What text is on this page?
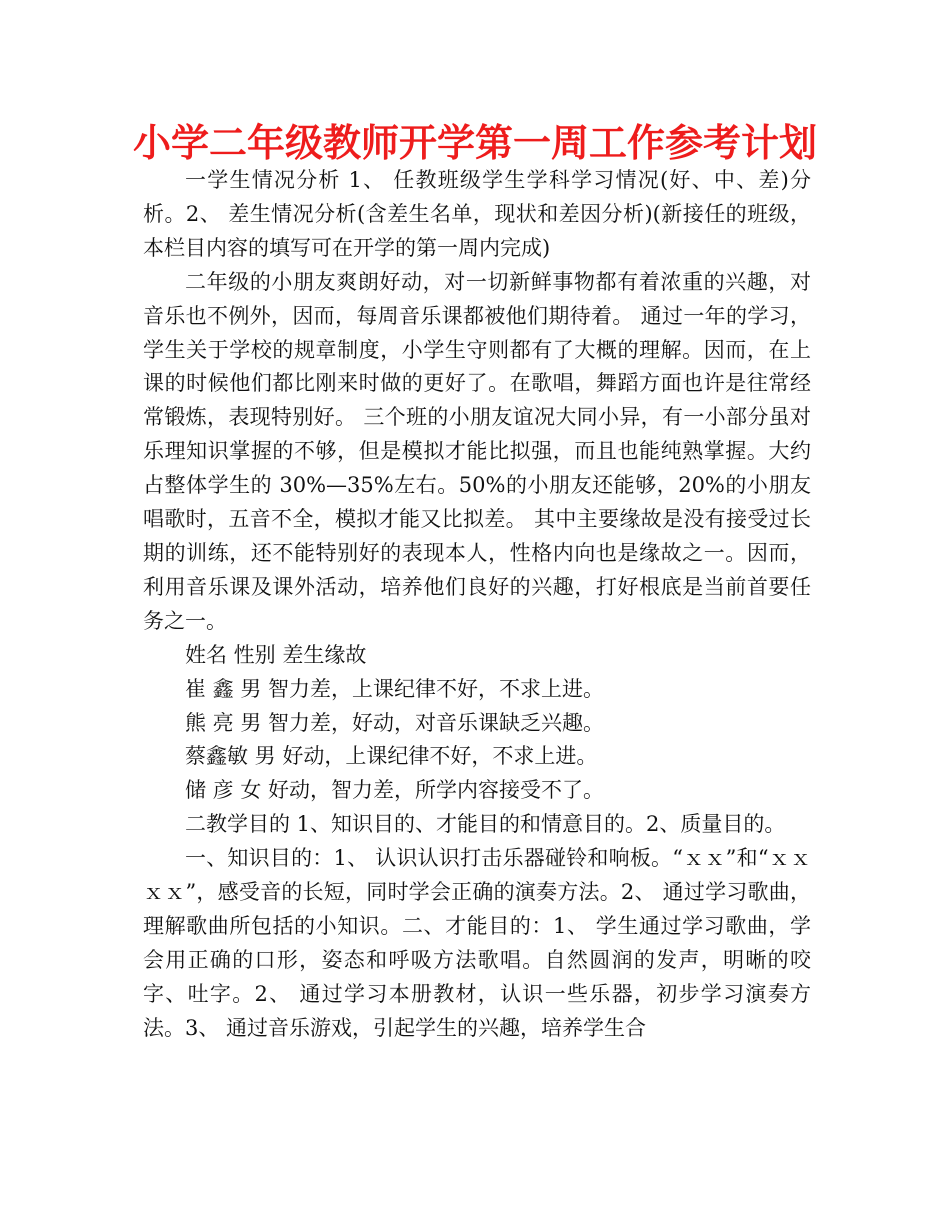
小学二年级教师开学第一周工作参考计划

一学生情况分析 1、 任教班级学生学科学习情况(好、中、差)分析。2、 差生情况分析(含差生名单，现状和差因分析)(新接任的班级，本栏目内容的填写可在开学的第一周内完成)

二年级的小朋友爽朗好动，对一切新鲜事物都有着浓重的兴趣，对音乐也不例外，因而，每周音乐课都被他们期待着。 通过一年的学习，学生关于学校的规章制度，小学生守则都有了大概的理解。因而，在上课的时候他们都比刚来时做的更好了。在歌唱，舞蹈方面也许是往常经常锻炼，表现特别好。 三个班的小朋友谊况大同小异，有一小部分虽对乐理知识掌握的不够，但是模拟才能比拟强，而且也能纯熟掌握。大约占整体学生的 30%—35%左右。50%的小朋友还能够，20%的小朋友唱歌时，五音不全，模拟才能又比拟差。 其中主要缘故是没有接受过长期的训练，还不能特别好的表现本人，性格内向也是缘故之一。因而，利用音乐课及课外活动，培养他们良好的兴趣，打好根底是当前首要任务之一。

姓名 性别 差生缘故
崔 鑫 男 智力差，上课纪律不好，不求上进。
熊 亮 男 智力差，好动，对音乐课缺乏兴趣。
蔡鑫敏 男 好动，上课纪律不好，不求上进。
储 彦 女 好动，智力差，所学内容接受不了。

二教学目的 1、知识目的、才能目的和情意目的。2、质量目的。

一、知识目的：1、 认识认识打击乐器碰铃和响板。“ｘｘ”和“ｘｘｘｘ”，感受音的长短，同时学会正确的演奏方法。2、 通过学习歌曲，理解歌曲所包括的小知识。二、才能目的：1、 学生通过学习歌曲，学会用正确的口形，姿态和呼吸方法歌唱。自然圆润的发声，明晰的咬字、吐字。2、 通过学习本册教材，认识一些乐器，初步学习演奏方法。3、 通过音乐游戏，引起学生的兴趣，培养学生合
